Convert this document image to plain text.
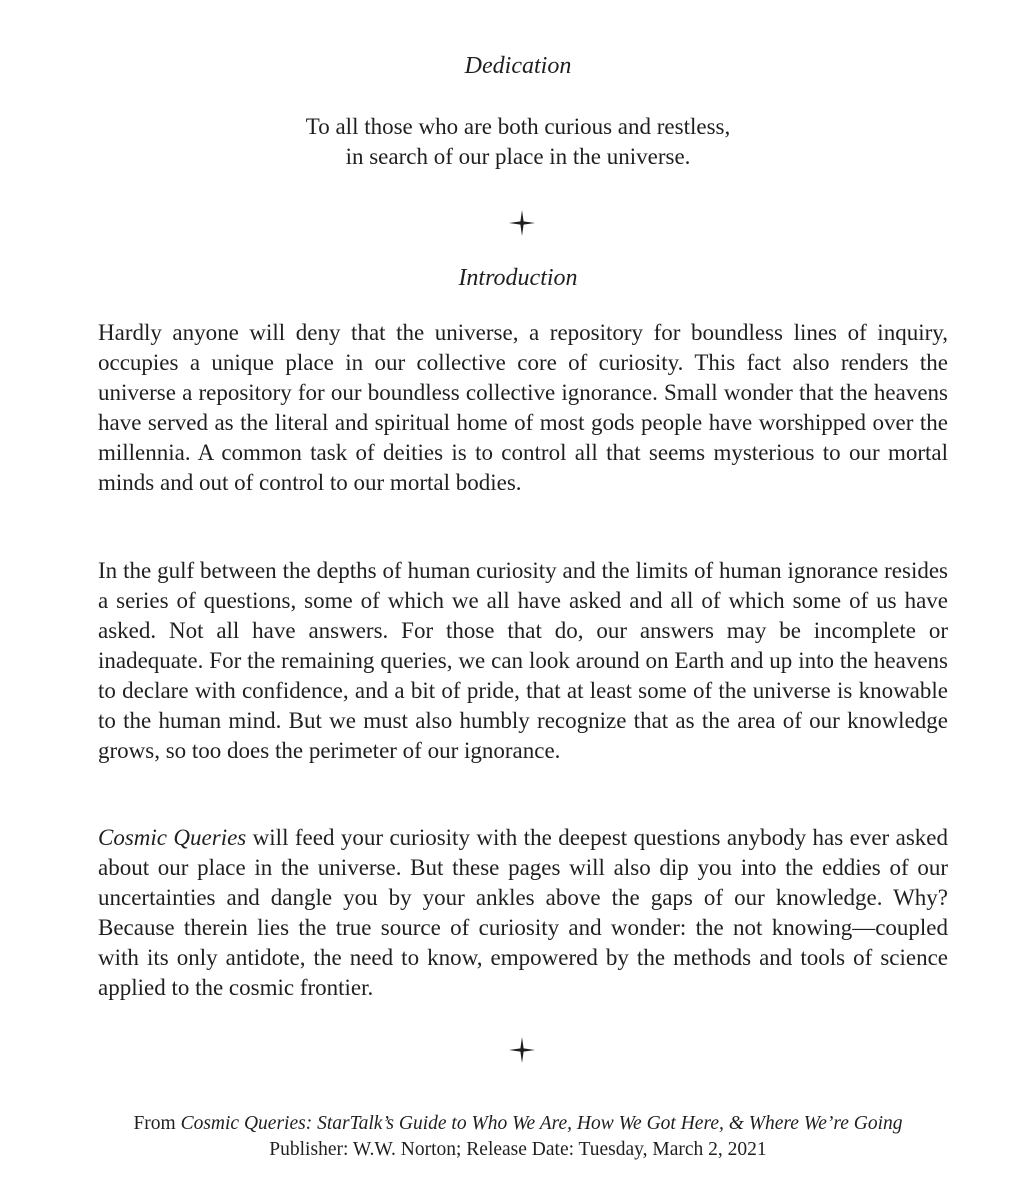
Dedication
To all those who are both curious and restless,
in search of our place in the universe.
Introduction

Hardly anyone will deny that the universe, a repository for boundless lines of inquiry, occupies a unique place in our collective core of curiosity. This fact also renders the universe a repository for our boundless collective ignorance. Small wonder that the heavens have served as the literal and spiritual home of most gods people have worshipped over the millennia. A common task of deities is to control all that seems mysterious to our mortal minds and out of control to our mortal bodies.

In the gulf between the depths of human curiosity and the limits of human ignorance resides a series of questions, some of which we all have asked and all of which some of us have asked. Not all have answers. For those that do, our answers may be incomplete or inadequate. For the remaining queries, we can look around on Earth and up into the heavens to declare with confidence, and a bit of pride, that at least some of the universe is knowable to the human mind. But we must also humbly recognize that as the area of our knowledge grows, so too does the perimeter of our ignorance.

Cosmic Queries will feed your curiosity with the deepest questions anybody has ever asked about our place in the universe. But these pages will also dip you into the eddies of our uncertainties and dangle you by your ankles above the gaps of our knowledge. Why? Because therein lies the true source of curiosity and wonder: the not knowing—coupled with its only antidote, the need to know, empowered by the methods and tools of science applied to the cosmic frontier.

From Cosmic Queries: StarTalk’s Guide to Who We Are, How We Got Here, & Where We’re Going
Publisher: W.W. Norton; Release Date: Tuesday, March 2, 2021
